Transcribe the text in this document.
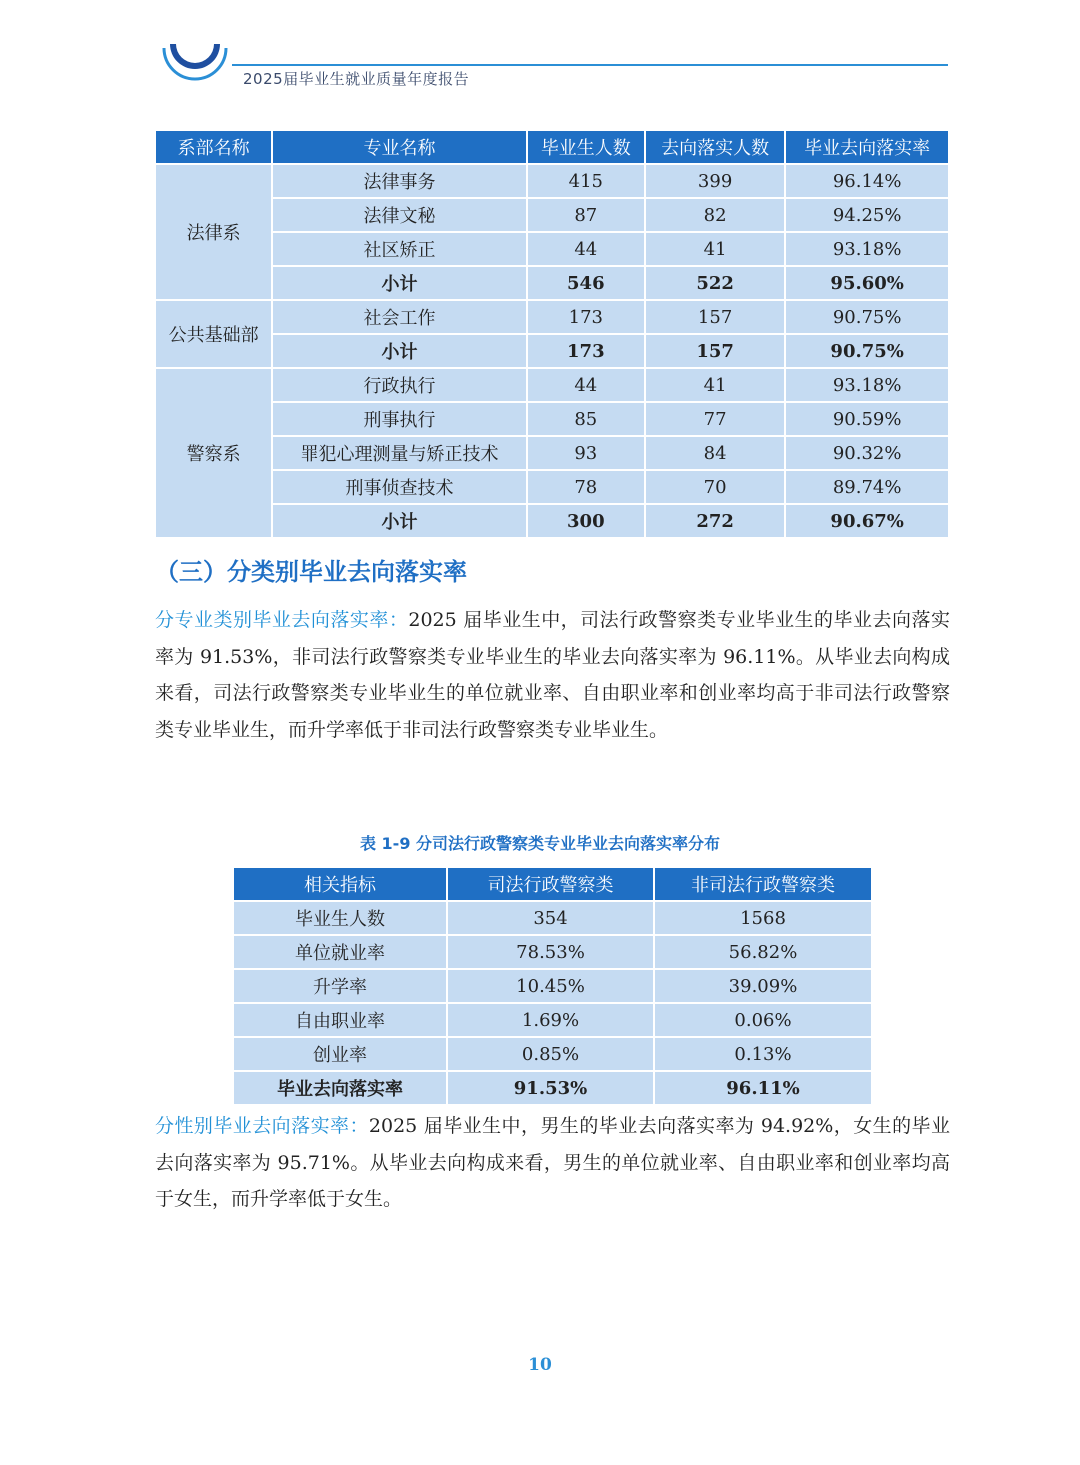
2025届毕业生就业质量年度报告
系部名称	专业名称	毕业生人数	去向落实人数	毕业去向落实率
法律系	法律事务	415	399	96.14%
	法律文秘	87	82	94.25%
	社区矫正	44	41	93.18%
	小计	546	522	95.60%
公共基础部	社会工作	173	157	90.75%
	小计	173	157	90.75%
警察系	行政执行	44	41	93.18%
	刑事执行	85	77	90.59%
	罪犯心理测量与矫正技术	93	84	90.32%
	刑事侦查技术	78	70	89.74%
	小计	300	272	90.67%
（三）分类别毕业去向落实率
分专业类别毕业去向落实率：2025 届毕业生中，司法行政警察类专业毕业生的毕业去向落实率为 91.53%，非司法行政警察类专业毕业生的毕业去向落实率为 96.11%。从毕业去向构成来看，司法行政警察类专业毕业生的单位就业率、自由职业率和创业率均高于非司法行政警察类专业毕业生，而升学率低于非司法行政警察类专业毕业生。
表 1-9 分司法行政警察类专业毕业去向落实率分布
相关指标	司法行政警察类	非司法行政警察类
毕业生人数	354	1568
单位就业率	78.53%	56.82%
升学率	10.45%	39.09%
自由职业率	1.69%	0.06%
创业率	0.85%	0.13%
毕业去向落实率	91.53%	96.11%
分性别毕业去向落实率：2025 届毕业生中，男生的毕业去向落实率为 94.92%，女生的毕业去向落实率为 95.71%。从毕业去向构成来看，男生的单位就业率、自由职业率和创业率均高于女生，而升学率低于女生。
10
